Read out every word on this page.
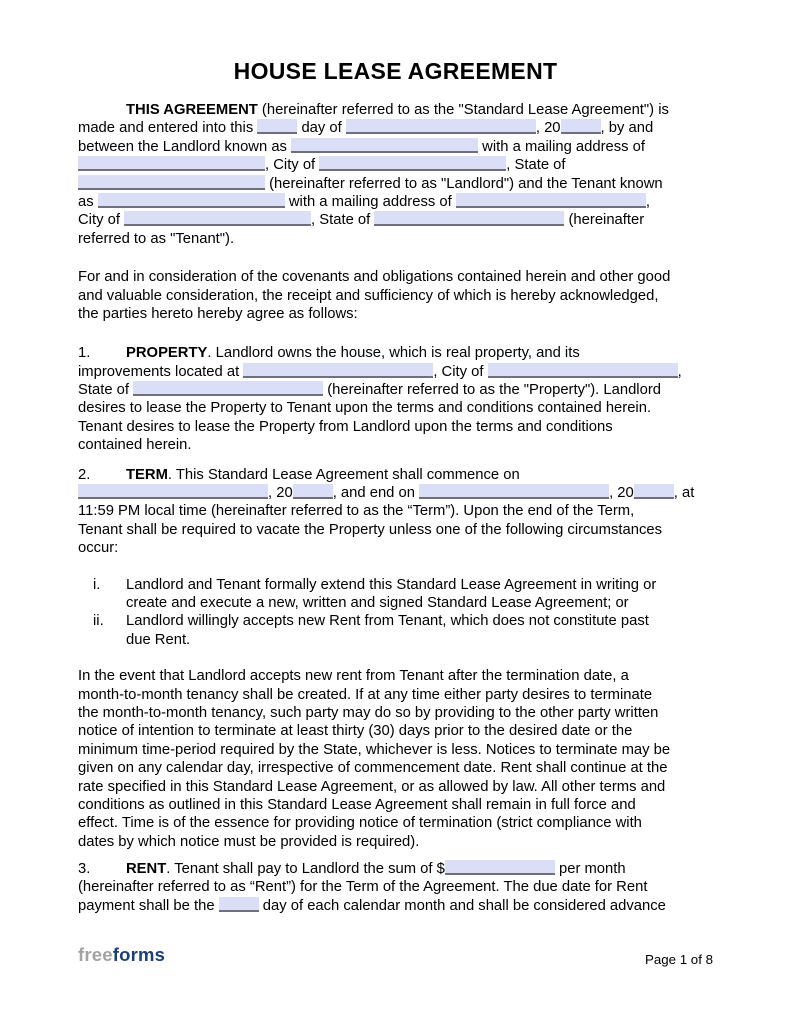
HOUSE LEASE AGREEMENT
THIS AGREEMENT (hereinafter referred to as the "Standard Lease Agreement") is
made and entered into this	day of	, 20	, by and
between the Landlord known as	with a mailing address of
, City of	, State of
(hereinafter referred to as "Landlord") and the Tenant known
as	with a mailing address of	,
City of	, State of	(hereinafter
referred to as "Tenant").
For and in consideration of the covenants and obligations contained herein and other good
and valuable consideration, the receipt and sufficiency of which is hereby acknowledged,
the parties hereto hereby agree as follows:
1. PROPERTY. Landlord owns the house, which is real property, and its
improvements located at	, City of	,
State of	(hereinafter referred to as the "Property"). Landlord
desires to lease the Property to Tenant upon the terms and conditions contained herein.
Tenant desires to lease the Property from Landlord upon the terms and conditions
contained herein.
2. TERM. This Standard Lease Agreement shall commence on
, 20	, and end on	, 20	, at
11:59 PM local time (hereinafter referred to as the “Term”). Upon the end of the Term,
Tenant shall be required to vacate the Property unless one of the following circumstances
occur:
i. Landlord and Tenant formally extend this Standard Lease Agreement in writing or
create and execute a new, written and signed Standard Lease Agreement; or
ii. Landlord willingly accepts new Rent from Tenant, which does not constitute past
due Rent.
In the event that Landlord accepts new rent from Tenant after the termination date, a
month-to-month tenancy shall be created. If at any time either party desires to terminate
the month-to-month tenancy, such party may do so by providing to the other party written
notice of intention to terminate at least thirty (30) days prior to the desired date or the
minimum time-period required by the State, whichever is less. Notices to terminate may be
given on any calendar day, irrespective of commencement date. Rent shall continue at the
rate specified in this Standard Lease Agreement, or as allowed by law. All other terms and
conditions as outlined in this Standard Lease Agreement shall remain in full force and
effect. Time is of the essence for providing notice of termination (strict compliance with
dates by which notice must be provided is required).
3. RENT. Tenant shall pay to Landlord the sum of $	per month
(hereinafter referred to as “Rent”) for the Term of the Agreement. The due date for Rent
payment shall be the	day of each calendar month and shall be considered advance
freeforms	Page 1 of 8
